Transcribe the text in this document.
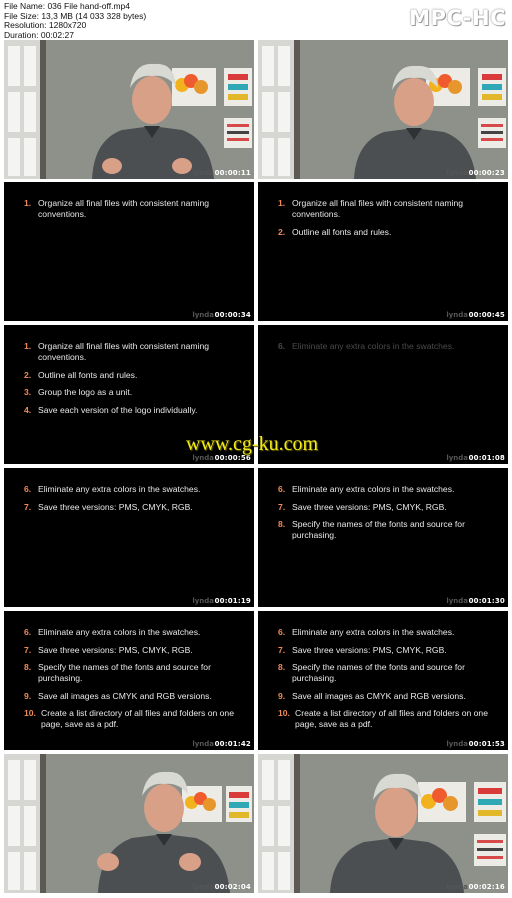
File Name: 036 File hand-off.mp4
File Size: 13,3 MB (14 033 328 bytes)
Resolution: 1280x720
Duration: 00:02:27
MPC-HC
lynda 00:00:11	lynda 00:00:23
1. Organize all final files with consistent naming conventions.
lynda 00:00:34
1. Organize all final files with consistent naming conventions.
2. Outline all fonts and rules.
lynda 00:00:45
1. Organize all final files with consistent naming conventions.
2. Outline all fonts and rules.
3. Group the logo as a unit.
4. Save each version of the logo individually.
lynda 00:00:56
6. Eliminate any extra colors in the swatches.
lynda 00:01:08
6. Eliminate any extra colors in the swatches.
7. Save three versions: PMS, CMYK, RGB.
lynda 00:01:19
6. Eliminate any extra colors in the swatches.
7. Save three versions: PMS, CMYK, RGB.
8. Specify the names of the fonts and source for purchasing.
lynda 00:01:30
6. Eliminate any extra colors in the swatches.
7. Save three versions: PMS, CMYK, RGB.
8. Specify the names of the fonts and source for purchasing.
9. Save all images as CMYK and RGB versions.
10. Create a list directory of all files and folders on one page, save as a pdf.
lynda 00:01:42
6. Eliminate any extra colors in the swatches.
7. Save three versions: PMS, CMYK, RGB.
8. Specify the names of the fonts and source for purchasing.
9. Save all images as CMYK and RGB versions.
10. Create a list directory of all files and folders on one page, save as a pdf.
lynda 00:01:53
lynda 00:02:04	lynda 00:02:16
www.cg-ku.com
